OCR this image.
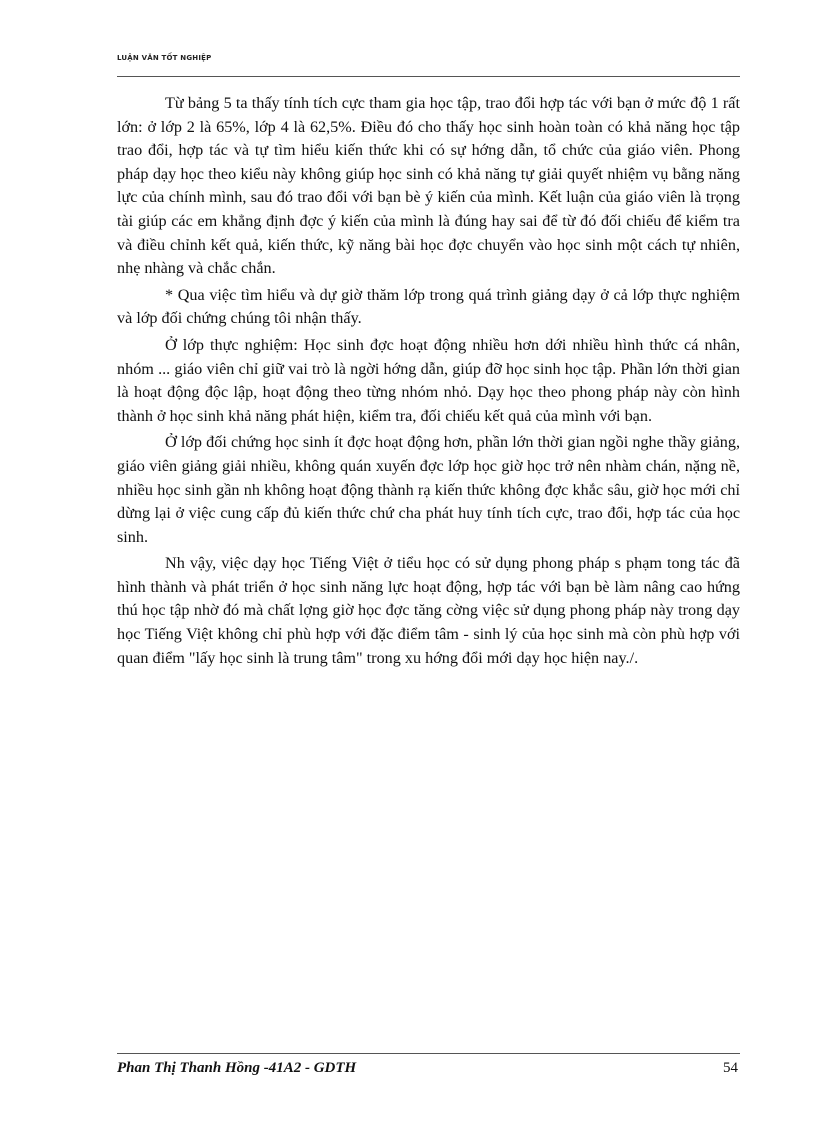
LUẬN VĂN TỐT NGHIỆP

Từ bảng 5 ta thấy tính tích cực tham gia học tập, trao đổi hợp tác với bạn ở mức độ 1 rất lớn: ở lớp 2 là 65%, lớp 4 là 62,5%. Điều đó cho thấy học sinh hoàn toàn có khả năng học tập trao đổi, hợp tác và tự tìm hiểu kiến thức khi có sự hớng dẫn, tổ chức của giáo viên. Phong pháp dạy học theo kiểu này không giúp học sinh có khả năng tự giải quyết nhiệm vụ bằng năng lực của chính mình, sau đó trao đổi với bạn bè ý kiến của mình. Kết luận của giáo viên là trọng tài giúp các em khẳng định đợc ý kiến của mình là đúng hay sai để từ đó đối chiếu để kiểm tra và điều chỉnh kết quả, kiến thức, kỹ năng bài học đợc chuyển vào học sinh một cách tự nhiên, nhẹ nhàng và chắc chắn.

* Qua việc tìm hiểu và dự giờ thăm lớp trong quá trình giảng dạy ở cả lớp thực nghiệm và lớp đối chứng chúng tôi nhận thấy.

Ở lớp thực nghiệm: Học sinh đợc hoạt động nhiều hơn dới nhiều hình thức cá nhân, nhóm ... giáo viên chỉ giữ vai trò là ngời hớng dẫn, giúp đỡ học sinh học tập. Phần lớn thời gian là hoạt động độc lập, hoạt động theo từng nhóm nhỏ. Dạy học theo phong pháp này còn hình thành ở học sinh khả năng phát hiện, kiểm tra, đối chiếu kết quả của mình với bạn.

Ở lớp đối chứng học sinh ít đợc hoạt động hơn, phần lớn thời gian ngồi nghe thầy giảng, giáo viên giảng giải nhiều, không quán xuyến đợc lớp học giờ học trở nên nhàm chán, nặng nề, nhiều học sinh gần nh không hoạt động thành rạ kiến thức không đợc khắc sâu, giờ học mới chỉ dừng lại ở việc cung cấp đủ kiến thức chứ cha phát huy tính tích cực, trao đổi, hợp tác của học sinh.

Nh vậy, việc dạy học Tiếng Việt ở tiểu học có sử dụng phong pháp s phạm tong tác đã hình thành và phát triển ở học sinh năng lực hoạt động, hợp tác với bạn bè làm nâng cao hứng thú học tập nhờ đó mà chất lợng giờ học đợc tăng cờng việc sử dụng phong pháp này trong dạy học Tiếng Việt không chỉ phù hợp với đặc điểm tâm - sinh lý của học sinh mà còn phù hợp với quan điểm "lấy học sinh là trung tâm" trong xu hớng đổi mới dạy học hiện nay./.

Phan Thị Thanh Hồng -41A2 - GDTH	54
